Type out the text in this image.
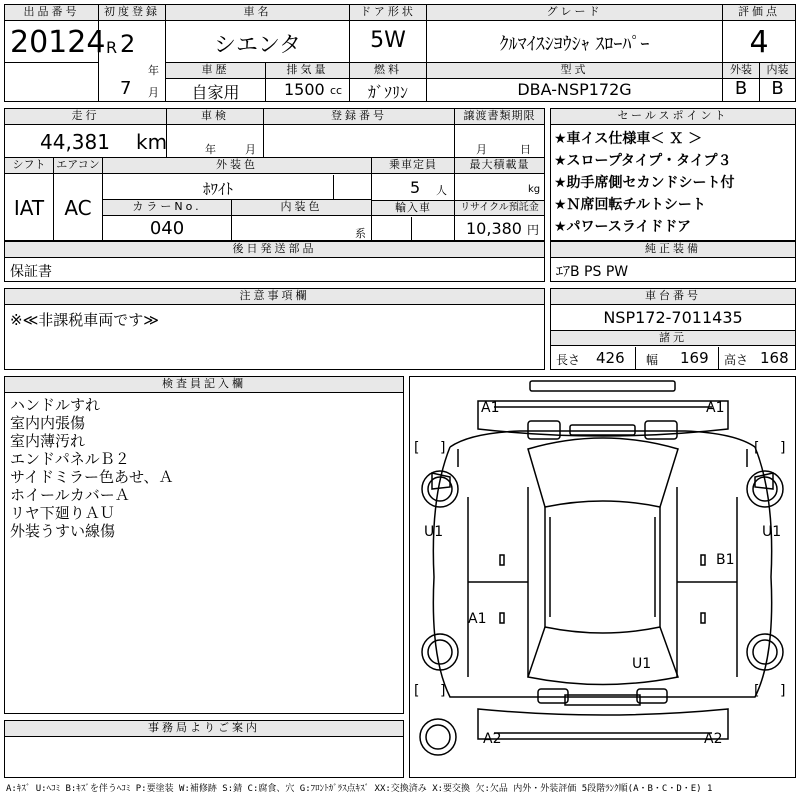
出品番号
20124
初度登録
R 2
年
7 月
車名
シエンタ
ドア形状
5W
グレード
ｸﾙﾏｲｽｼﾖｳｼｬ ｽﾛｰﾊﾟｰ
評価点
4
外装	内装
B	B
車歴
自家用
排気量
1500 cc
燃料
ｶﾞｿﾘﾝ
型式
DBA-NSP172G
走行
44,381 km
車検
年	月
登録番号	譲渡書類期限
月	日
シフト
IAT
エアコン
AC
外装色
ﾎﾜｲﾄ
カラーNo.
040
内装色
系
乗車定員
5 人
最大積載量
kg
輸入車	リサイクル預託金
10,380 円
セールスポイント
★車イス仕様車＜ Ｘ ＞
★スロープタイプ・タイプ３
★助手席側セカンドシート付
★Ｎ席回転チルトシート
★パワースライドドア
後日発送部品
保証書
純正装備
ｴｱB PS PW
注意事項欄
※≪非課税車両です≫
車台番号
NSP172-7011435
諸元
長さ 426 幅 169 高さ 168
検査員記入欄
ハンドルすれ
室内内張傷
室内薄汚れ
エンドパネルＢ２
サイドミラー色あせ、Ａ
ホイールカバーＡ
リヤ下廻りＡＵ
外装うすい線傷
事務局よりご案内
A1	A1
U1	U1
B1
A1
U1
A2	A2
[ ]	[ ]
[ ]	[ ]
A:ｷｽﾞ U:ﾍｺﾐ B:ｷｽﾞを伴うﾍｺﾐ P:要塗装 W:補修跡 S:錆 C:腐食、穴 G:ﾌﾛﾝﾄｶﾞﾗｽ点ｷｽﾞ XX:交換済み X:要交換 欠:欠品 内外・外装評価 5段階ﾗﾝｸ順(A・B・C・D・E) 1
